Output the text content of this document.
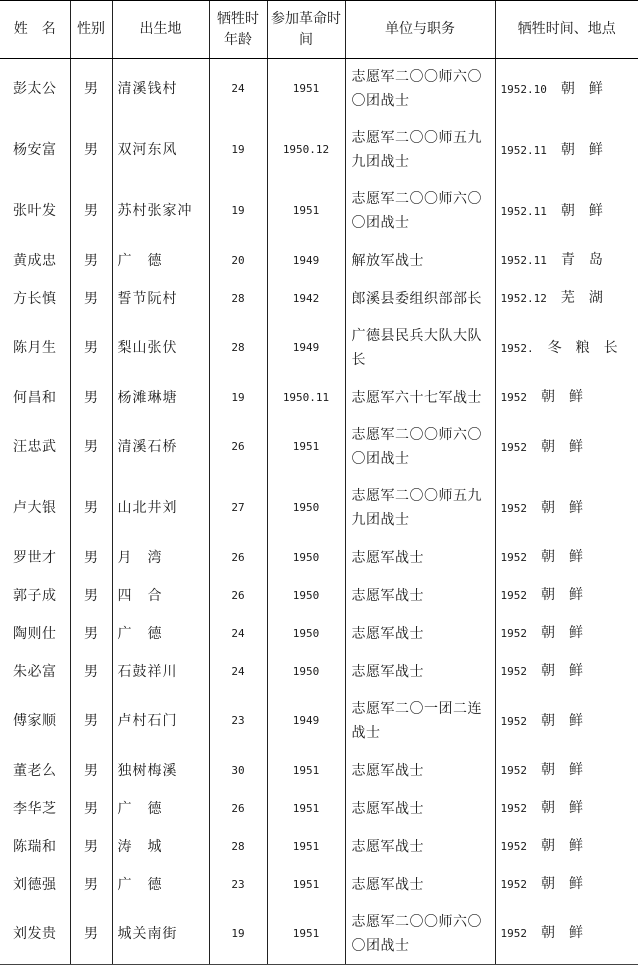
姓　名	性别	出生地	牺牲时年龄	参加革命时间	单位与职务	牺牲时间、地点
彭太公	男	清溪钱村	24	1951	志愿军二〇〇师六〇〇团战士	1952.10 朝鲜
杨安富	男	双河东风	19	1950.12	志愿军二〇〇师五九九团战士	1952.11 朝鲜
张叶发	男	苏村张家冲	19	1951	志愿军二〇〇师六〇〇团战士	1952.11 朝鲜
黄成忠	男	广　德	20	1949	解放军战士	1952.11 青岛
方长慎	男	誓节阮村	28	1942	郎溪县委组织部部长	1952.12 芜湖
陈月生	男	梨山张伏	28	1949	广德县民兵大队大队长	1952. 冬粮长
何昌和	男	杨滩琳塘	19	1950.11	志愿军六十七军战士	1952 朝鲜
汪忠武	男	清溪石桥	26	1951	志愿军二〇〇师六〇〇团战士	1952 朝鲜
卢大银	男	山北井刘	27	1950	志愿军二〇〇师五九九团战士	1952 朝鲜
罗世才	男	月　湾	26	1950	志愿军战士	1952 朝鲜
郭子成	男	四　合	26	1950	志愿军战士	1952 朝鲜
陶则仕	男	广　德	24	1950	志愿军战士	1952 朝鲜
朱必富	男	石鼓祥川	24	1950	志愿军战士	1952 朝鲜
傅家顺	男	卢村石门	23	1949	志愿军二〇一团二连战士	1952 朝鲜
董老么	男	独树梅溪	30	1951	志愿军战士	1952 朝鲜
李华芝	男	广　德	26	1951	志愿军战士	1952 朝鲜
陈瑞和	男	涛　城	28	1951	志愿军战士	1952 朝鲜
刘德强	男	广　德	23	1951	志愿军战士	1952 朝鲜
刘发贵	男	城关南街	19	1951	志愿军二〇〇师六〇〇团战士	1952 朝鲜
